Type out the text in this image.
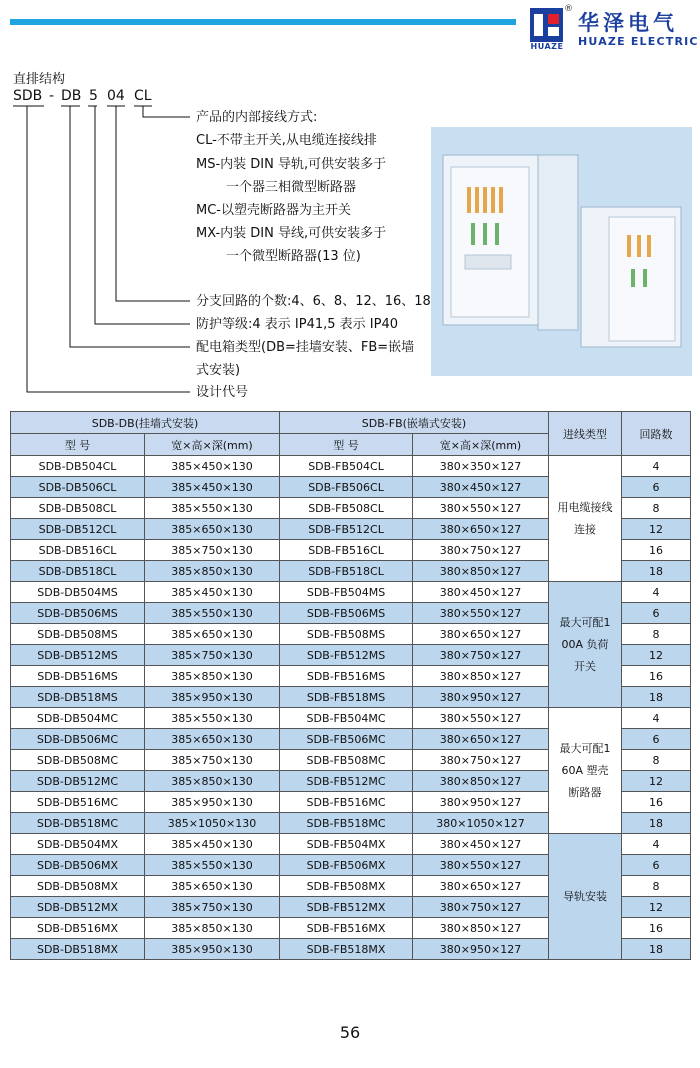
®
HUAZE
华泽电气
HUAZE ELECTRIC
直排结构
SDB - DB 5 04 CL
产品的内部接线方式:
CL-不带主开关,从电缆连接线排
MS-内装 DIN 导轨,可供安装多于
一个器三相微型断路器
MC-以塑壳断路器为主开关
MX-内装 DIN 导线,可供安装多于
一个微型断路器(13 位)
分支回路的个数:4、6、8、12、16、18
防护等级:4 表示 IP41,5 表示 IP40
配电箱类型(DB=挂墙安装、FB=嵌墙
式安装)
设计代号
SDB-DB(挂墙式安装)		SDB-FB(嵌墙式安装)		进线类型	回路数
型 号	宽×高×深(mm)	型 号	宽×高×深(mm)		
SDB-DB504CL	385×450×130	SDB-FB504CL	380×350×127	用电缆接线连接	4
SDB-DB506CL	385×450×130	SDB-FB506CL	380×450×127		6
SDB-DB508CL	385×550×130	SDB-FB508CL	380×550×127		8
SDB-DB512CL	385×650×130	SDB-FB512CL	380×650×127		12
SDB-DB516CL	385×750×130	SDB-FB516CL	380×750×127		16
SDB-DB518CL	385×850×130	SDB-FB518CL	380×850×127		18
SDB-DB504MS	385×450×130	SDB-FB504MS	380×450×127	最大可配100A 负荷开关	4
SDB-DB506MS	385×550×130	SDB-FB506MS	380×550×127		6
SDB-DB508MS	385×650×130	SDB-FB508MS	380×650×127		8
SDB-DB512MS	385×750×130	SDB-FB512MS	380×750×127		12
SDB-DB516MS	385×850×130	SDB-FB516MS	380×850×127		16
SDB-DB518MS	385×950×130	SDB-FB518MS	380×950×127		18
SDB-DB504MC	385×550×130	SDB-FB504MC	380×550×127	最大可配160A 塑壳断路器	4
SDB-DB506MC	385×650×130	SDB-FB506MC	380×650×127		6
SDB-DB508MC	385×750×130	SDB-FB508MC	380×750×127		8
SDB-DB512MC	385×850×130	SDB-FB512MC	380×850×127		12
SDB-DB516MC	385×950×130	SDB-FB516MC	380×950×127		16
SDB-DB518MC	385×1050×130	SDB-FB518MC	380×1050×127		18
SDB-DB504MX	385×450×130	SDB-FB504MX	380×450×127	导轨安装	4
SDB-DB506MX	385×550×130	SDB-FB506MX	380×550×127		6
SDB-DB508MX	385×650×130	SDB-FB508MX	380×650×127		8
SDB-DB512MX	385×750×130	SDB-FB512MX	380×750×127		12
SDB-DB516MX	385×850×130	SDB-FB516MX	380×850×127		16
SDB-DB518MX	385×950×130	SDB-FB518MX	380×950×127		18
56
